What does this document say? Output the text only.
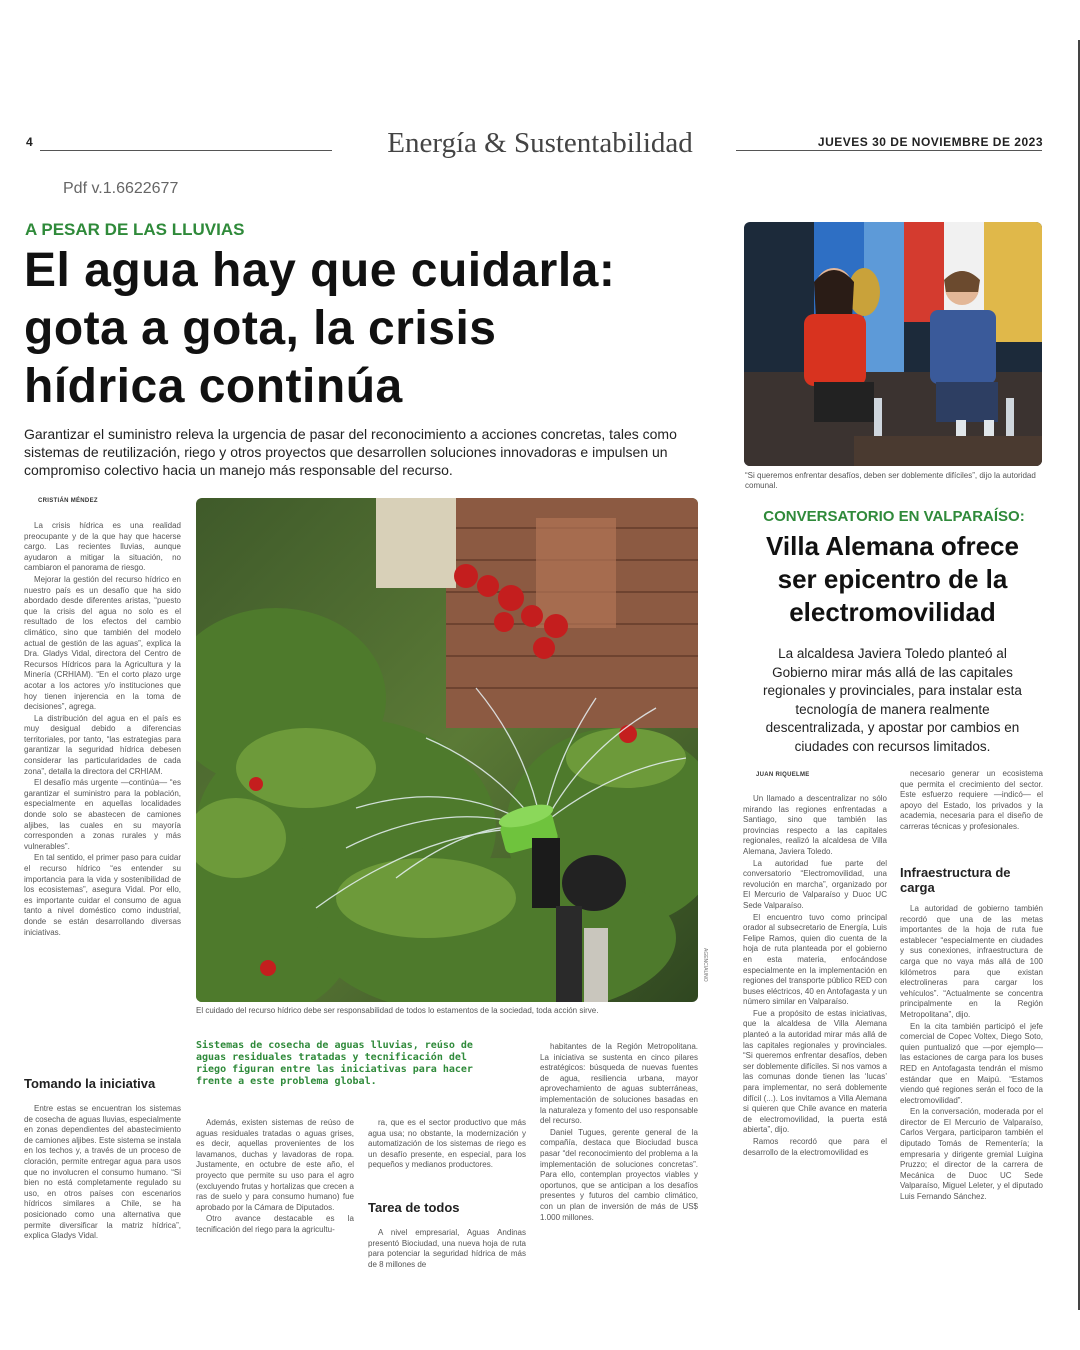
4	Energía & Sustentabilidad	JUEVES 30 DE NOVIEMBRE DE 2023
Pdf v.1.6622677
A PESAR DE LAS LLUVIAS
El agua hay que cuidarla:
gota a gota, la crisis
hídrica continúa
Garantizar el suministro releva la urgencia de pasar del reconocimiento a acciones concretas, tales como sistemas de reutilización, riego y otros proyectos que desarrollen soluciones innovadoras e impulsen un compromiso colectivo hacia un manejo más responsable del recurso.
CRISTIÁN MÉNDEZ

La crisis hídrica es una realidad preocupante y de la que hay que hacerse cargo. Las recientes lluvias, aunque ayudaron a mitigar la situación, no cambiaron el panorama de riesgo.

Mejorar la gestión del recurso hídrico en nuestro país es un desafío que ha sido abordado desde diferentes aristas, “puesto que la crisis del agua no solo es el resultado de los efectos del cambio climático, sino que también del modelo actual de gestión de las aguas”, explica la Dra. Gladys Vidal, directora del Centro de Recursos Hídricos para la Agricultura y la Minería (CRHIAM). “En el corto plazo urge acotar a los actores y/o instituciones que hoy tienen injerencia en la toma de decisiones”, agrega.

La distribución del agua en el país es muy desigual debido a diferencias territoriales, por tanto, “las estrategias para garantizar la seguridad hídrica debesen considerar las particularidades de cada zona”, detalla la directora del CRHIAM.

El desafío más urgente —continúa— “es garantizar el suministro para la población, especialmente en aquellas localidades donde solo se abastecen de camiones aljibes, las cuales en su mayoría corresponden a zonas rurales y más vulnerables”.

En tal sentido, el primer paso para cuidar el recurso hídrico “es entender su importancia para la vida y sostenibilidad de los ecosistemas”, asegura Vidal. Por ello, es importante cuidar el consumo de agua tanto a nivel doméstico como industrial, donde se están desarrollando diversas iniciativas.

Tomando la iniciativa

Entre estas se encuentran los sistemas de cosecha de aguas lluvias, especialmente en zonas dependientes del abastecimiento de camiones aljibes. Este sistema se instala en los techos y, a través de un proceso de cloración, permite entregar agua para usos que no involucren el consumo humano. “Si bien no está completamente regulado su uso, en otros países con escenarios hídricos similares a Chile, se ha posicionado como una alternativa que permite diversificar la matriz hídrica”, explica Gladys Vidal.

AGENCIAUNO
El cuidado del recurso hídrico debe ser responsabilidad de todos lo estamentos de la sociedad, toda acción sirve.
Sistemas de cosecha de aguas lluvias, reúso de aguas residuales tratadas y tecnificación del riego figuran entre las iniciativas para hacer frente a este problema global.

Además, existen sistemas de reúso de aguas residuales tratadas o aguas grises, es decir, aquellas provenientes de los lavamanos, duchas y lavadoras de ropa. Justamente, en octubre de este año, el proyecto que permite su uso para el agro (excluyendo frutas y hortalizas que crecen a ras de suelo y para consumo humano) fue aprobado por la Cámara de Diputados.

Otro avance destacable es la tecnificación del riego para la agricultu-

ra, que es el sector productivo que más agua usa; no obstante, la modernización y automatización de los sistemas de riego es un desafío presente, en especial, para los pequeños y medianos productores.

Tarea de todos

A nivel empresarial, Aguas Andinas presentó Biociudad, una nueva hoja de ruta para potenciar la seguridad hídrica de más de 8 millones de

habitantes de la Región Metropolitana. La iniciativa se sustenta en cinco pilares estratégicos: búsqueda de nuevas fuentes de agua, resiliencia urbana, mayor aprovechamiento de aguas subterráneas, implementación de soluciones basadas en la naturaleza y fomento del uso responsable del recurso.

Daniel Tugues, gerente general de la compañía, destaca que Biociudad busca pasar “del reconocimiento del problema a la implementación de soluciones concretas”. Para ello, contemplan proyectos viables y oportunos, que se anticipan a los desafíos presentes y futuros del cambio climático, con un plan de inversión de más de US$ 1.000 millones.

“Si queremos enfrentar desafíos, deben ser doblemente difíciles”, dijo la autoridad comunal.
CONVERSATORIO EN VALPARAÍSO:
Villa Alemana ofrece
ser epicentro de la
electromovilidad
La alcaldesa Javiera Toledo planteó al Gobierno mirar más allá de las capitales regionales y provinciales, para instalar esta tecnología de manera realmente descentralizada, y apostar por cambios en ciudades con recursos limitados.
JUAN RIQUELME

Un llamado a descentralizar no sólo mirando las regiones enfrentadas a Santiago, sino que también las provincias respecto a las capitales regionales, realizó la alcaldesa de Villa Alemana, Javiera Toledo.

La autoridad fue parte del conversatorio “Electromovilidad, una revolución en marcha”, organizado por El Mercurio de Valparaíso y Duoc UC Sede Valparaíso.

El encuentro tuvo como principal orador al subsecretario de Energía, Luis Felipe Ramos, quien dio cuenta de la hoja de ruta planteada por el gobierno en esta materia, enfocándose especialmente en la implementación en regiones del transporte público RED con buses eléctricos, 40 en Antofagasta y un número similar en Valparaíso.

Fue a propósito de estas iniciativas, que la alcaldesa de Villa Alemana planteó a la autoridad mirar más allá de las capitales regionales y provinciales. “Si queremos enfrentar desafíos, deben ser doblemente difíciles. Si nos vamos a las comunas donde tienen las ‘lucas’ para implementar, no será doblemente difícil (...). Los invitamos a Villa Alemana si quieren que Chile avance en materia de electromovilidad, la puerta está abierta”, dijo.

Ramos recordó que para el desarrollo de la electromovilidad es

necesario generar un ecosistema que permita el crecimiento del sector. Este esfuerzo requiere —indicó— el apoyo del Estado, los privados y la academia, necesaria para el diseño de carreras técnicas y profesionales.

Infraestructura de carga

La autoridad de gobierno también recordó que una de las metas importantes de la hoja de ruta fue establecer “especialmente en ciudades y sus conexiones, infraestructura de carga que no vaya más allá de 100 kilómetros para que existan electrolineras para cargar los vehículos”. “Actualmente se concentra principalmente en la Región Metropolitana”, dijo.

En la cita también participó el jefe comercial de Copec Voltex, Diego Soto, quien puntualizó que —por ejemplo— las estaciones de carga para los buses RED en Antofagasta tendrán el mismo estándar que en Maipú. “Estamos viendo qué regiones serán el foco de la electromovilidad”.

En la conversación, moderada por el director de El Mercurio de Valparaíso, Carlos Vergara, participaron también el diputado Tomás de Rementería; la empresaria y dirigente gremial Luigina Pruzzo; el director de la carrera de Mecánica de Duoc UC Sede Valparaíso, Miguel Leleter, y el diputado Luis Fernando Sánchez.
